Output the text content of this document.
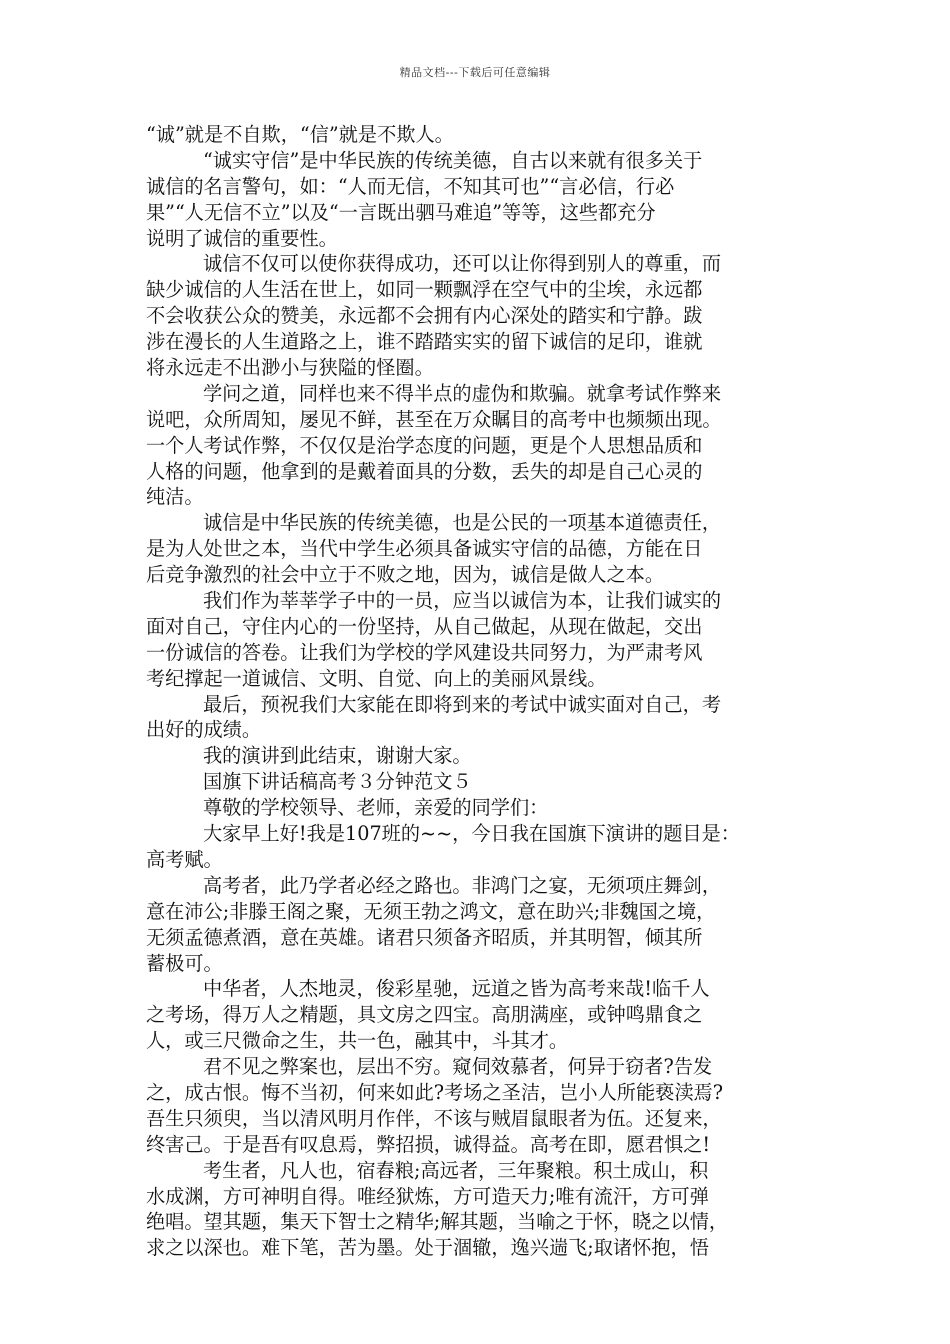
精品文档---下载后可任意编辑
“诚”就是不自欺，“信”就是不欺人。
“诚实守信”是中华民族的传统美德，自古以来就有很多关于
诚信的名言警句，如：“人而无信，不知其可也”“言必信，行必
果”“人无信不立”以及“一言既出驷马难追”等等，这些都充分
说明了诚信的重要性。
诚信不仅可以使你获得成功，还可以让你得到别人的尊重，而
缺少诚信的人生活在世上，如同一颗飘浮在空气中的尘埃，永远都
不会收获公众的赞美，永远都不会拥有内心深处的踏实和宁静。跋
涉在漫长的人生道路之上，谁不踏踏实实的留下诚信的足印，谁就
将永远走不出渺小与狭隘的怪圈。
学问之道，同样也来不得半点的虚伪和欺骗。就拿考试作弊来
说吧，众所周知，屡见不鲜，甚至在万众瞩目的高考中也频频出现。
一个人考试作弊，不仅仅是治学态度的问题，更是个人思想品质和
人格的问题，他拿到的是戴着面具的分数，丢失的却是自己心灵的
纯洁。
诚信是中华民族的传统美德，也是公民的一项基本道德责任，
是为人处世之本，当代中学生必须具备诚实守信的品德，方能在日
后竞争激烈的社会中立于不败之地，因为，诚信是做人之本。
我们作为莘莘学子中的一员，应当以诚信为本，让我们诚实的
面对自己，守住内心的一份坚持，从自己做起，从现在做起，交出
一份诚信的答卷。让我们为学校的学风建设共同努力，为严肃考风
考纪撑起一道诚信、文明、自觉、向上的美丽风景线。
最后，预祝我们大家能在即将到来的考试中诚实面对自己，考
出好的成绩。
我的演讲到此结束，谢谢大家。
国旗下讲话稿高考３分钟范文５
尊敬的学校领导、老师，亲爱的同学们：
大家早上好!我是107班的~~，今日我在国旗下演讲的题目是：
高考赋。
高考者，此乃学者必经之路也。非鸿门之宴，无须项庄舞剑，
意在沛公;非滕王阁之聚，无须王勃之鸿文，意在助兴;非魏国之境，
无须孟德煮酒，意在英雄。诸君只须备齐昭质，并其明智，倾其所
蓄极可。
中华者，人杰地灵，俊彩星驰，远道之皆为高考来哉!临千人
之考场，得万人之精题，具文房之四宝。高朋满座，或钟鸣鼎食之
人，或三尺微命之生，共一色，融其中，斗其才。
君不见之弊案也，层出不穷。窥伺效慕者，何异于窃者?告发
之，成古恨。悔不当初，何来如此?考场之圣洁，岂小人所能亵渎焉?
吾生只须臾，当以清风明月作伴，不该与贼眉鼠眼者为伍。还复来，
终害己。于是吾有叹息焉，弊招损，诚得益。高考在即，愿君惧之!
考生者，凡人也，宿舂粮;高远者，三年聚粮。积土成山，积
水成渊，方可神明自得。唯经狱炼，方可造天力;唯有流汗，方可弹
绝唱。望其题，集天下智士之精华;解其题，当喻之于怀，晓之以情，
求之以深也。难下笔，苦为墨。处于涸辙，逸兴遄飞;取诸怀抱，悟
